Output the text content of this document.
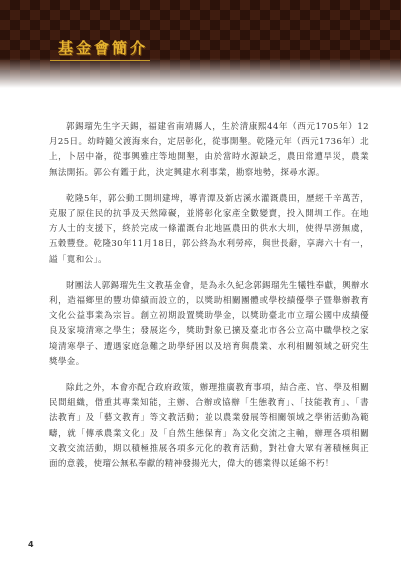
基金會簡介

郭錫瑠先生字天錫，福建省南靖縣人，生於清康熙44年（西元1705年）12月25日。幼時隨父渡海來台，定居彰化，從事開墾。乾隆元年（西元1736年）北上，卜居中崙，從事興雅庄等地開墾，由於當時水源缺乏，農田常遭旱災，農業無法開拓。郭公有鑑于此，決定興建水利事業，勘察地勢，探尋水源。

乾隆5年，郭公動工開圳建埤，導青潭及新店溪水灌溉農田，歷經千辛萬苦，克服了原住民的抗爭及天然障礙，並將彰化家產全數變賣，投入開圳工作。在地方人士的支援下，終於完成一條灌溉台北地區農田的供水大圳，使得旱澇無虞，五穀豐登。乾隆30年11月18日，郭公終為水利勞瘁，與世長辭，享壽六十有一，謚「寬和公」。

財團法人郭錫瑠先生文教基金會，是為永久紀念郭錫瑠先生犧牲奉獻，興辦水利，造福鄉里的豐功偉績而設立的，以獎助相關團體或學校績優學子暨舉辦教育文化公益事業為宗旨。創立初期設置獎助學金，以獎助臺北市立瑠公國中成績優良及家境清寒之學生；發展迄今，獎助對象已擴及臺北市各公立高中職學校之家境清寒學子、遭遇家庭急難之助學紓困以及培育與農業、水利相關領域之研究生獎學金。

除此之外，本會亦配合政府政策，辦理推廣教育事項，結合產、官、學及相關民間組織，借重其專業知能，主辦、合辦或協辦「生態教育」、「技能教育」、「書法教育」及「藝文教育」等文教活動；並以農業發展等相關領域之學術活動為範疇，就「傳承農業文化」及「自然生態保育」為文化交流之主軸，辦理各項相關文教交流活動，期以積極推展各項多元化的教育活動，對社會大眾有著積極與正面的意義，使瑠公無私奉獻的精神發揚光大，偉大的德業得以延綿不朽！

4
